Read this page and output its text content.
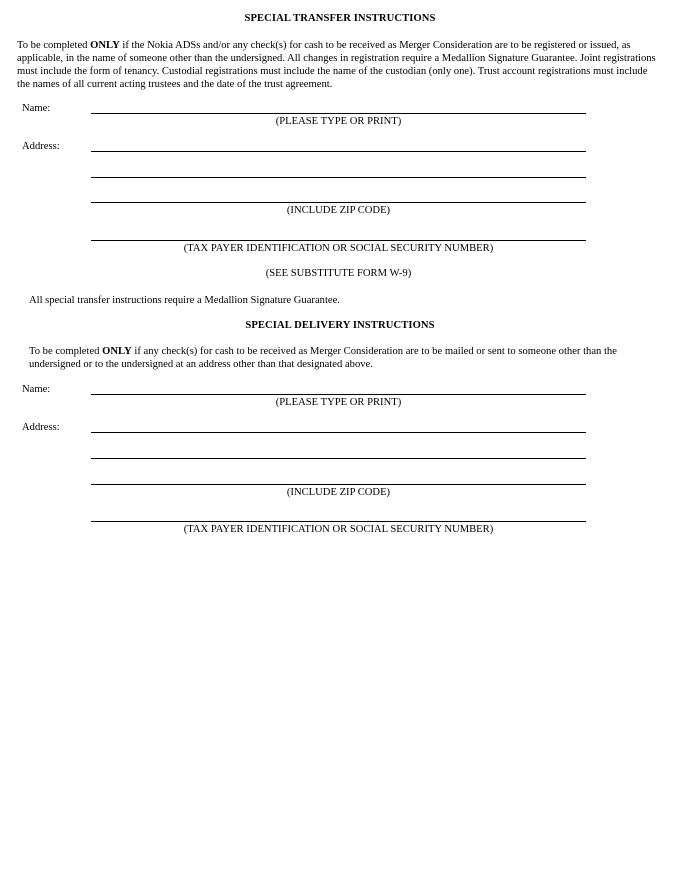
SPECIAL TRANSFER INSTRUCTIONS
To be completed ONLY if the Nokia ADSs and/or any check(s) for cash to be received as Merger Consideration are to be registered or issued, as applicable, in the name of someone other than the undersigned. All changes in registration require a Medallion Signature Guarantee. Joint registrations must include the form of tenancy. Custodial registrations must include the name of the custodian (only one). Trust account registrations must include the names of all current acting trustees and the date of the trust agreement.
Name:
(PLEASE TYPE OR PRINT)
Address:
(INCLUDE ZIP CODE)
(TAX PAYER IDENTIFICATION OR SOCIAL SECURITY NUMBER)
(SEE SUBSTITUTE FORM W-9)
All special transfer instructions require a Medallion Signature Guarantee.
SPECIAL DELIVERY INSTRUCTIONS
To be completed ONLY if any check(s) for cash to be received as Merger Consideration are to be mailed or sent to someone other than the undersigned or to the undersigned at an address other than that designated above.
Name:
(PLEASE TYPE OR PRINT)
Address:
(INCLUDE ZIP CODE)
(TAX PAYER IDENTIFICATION OR SOCIAL SECURITY NUMBER)
